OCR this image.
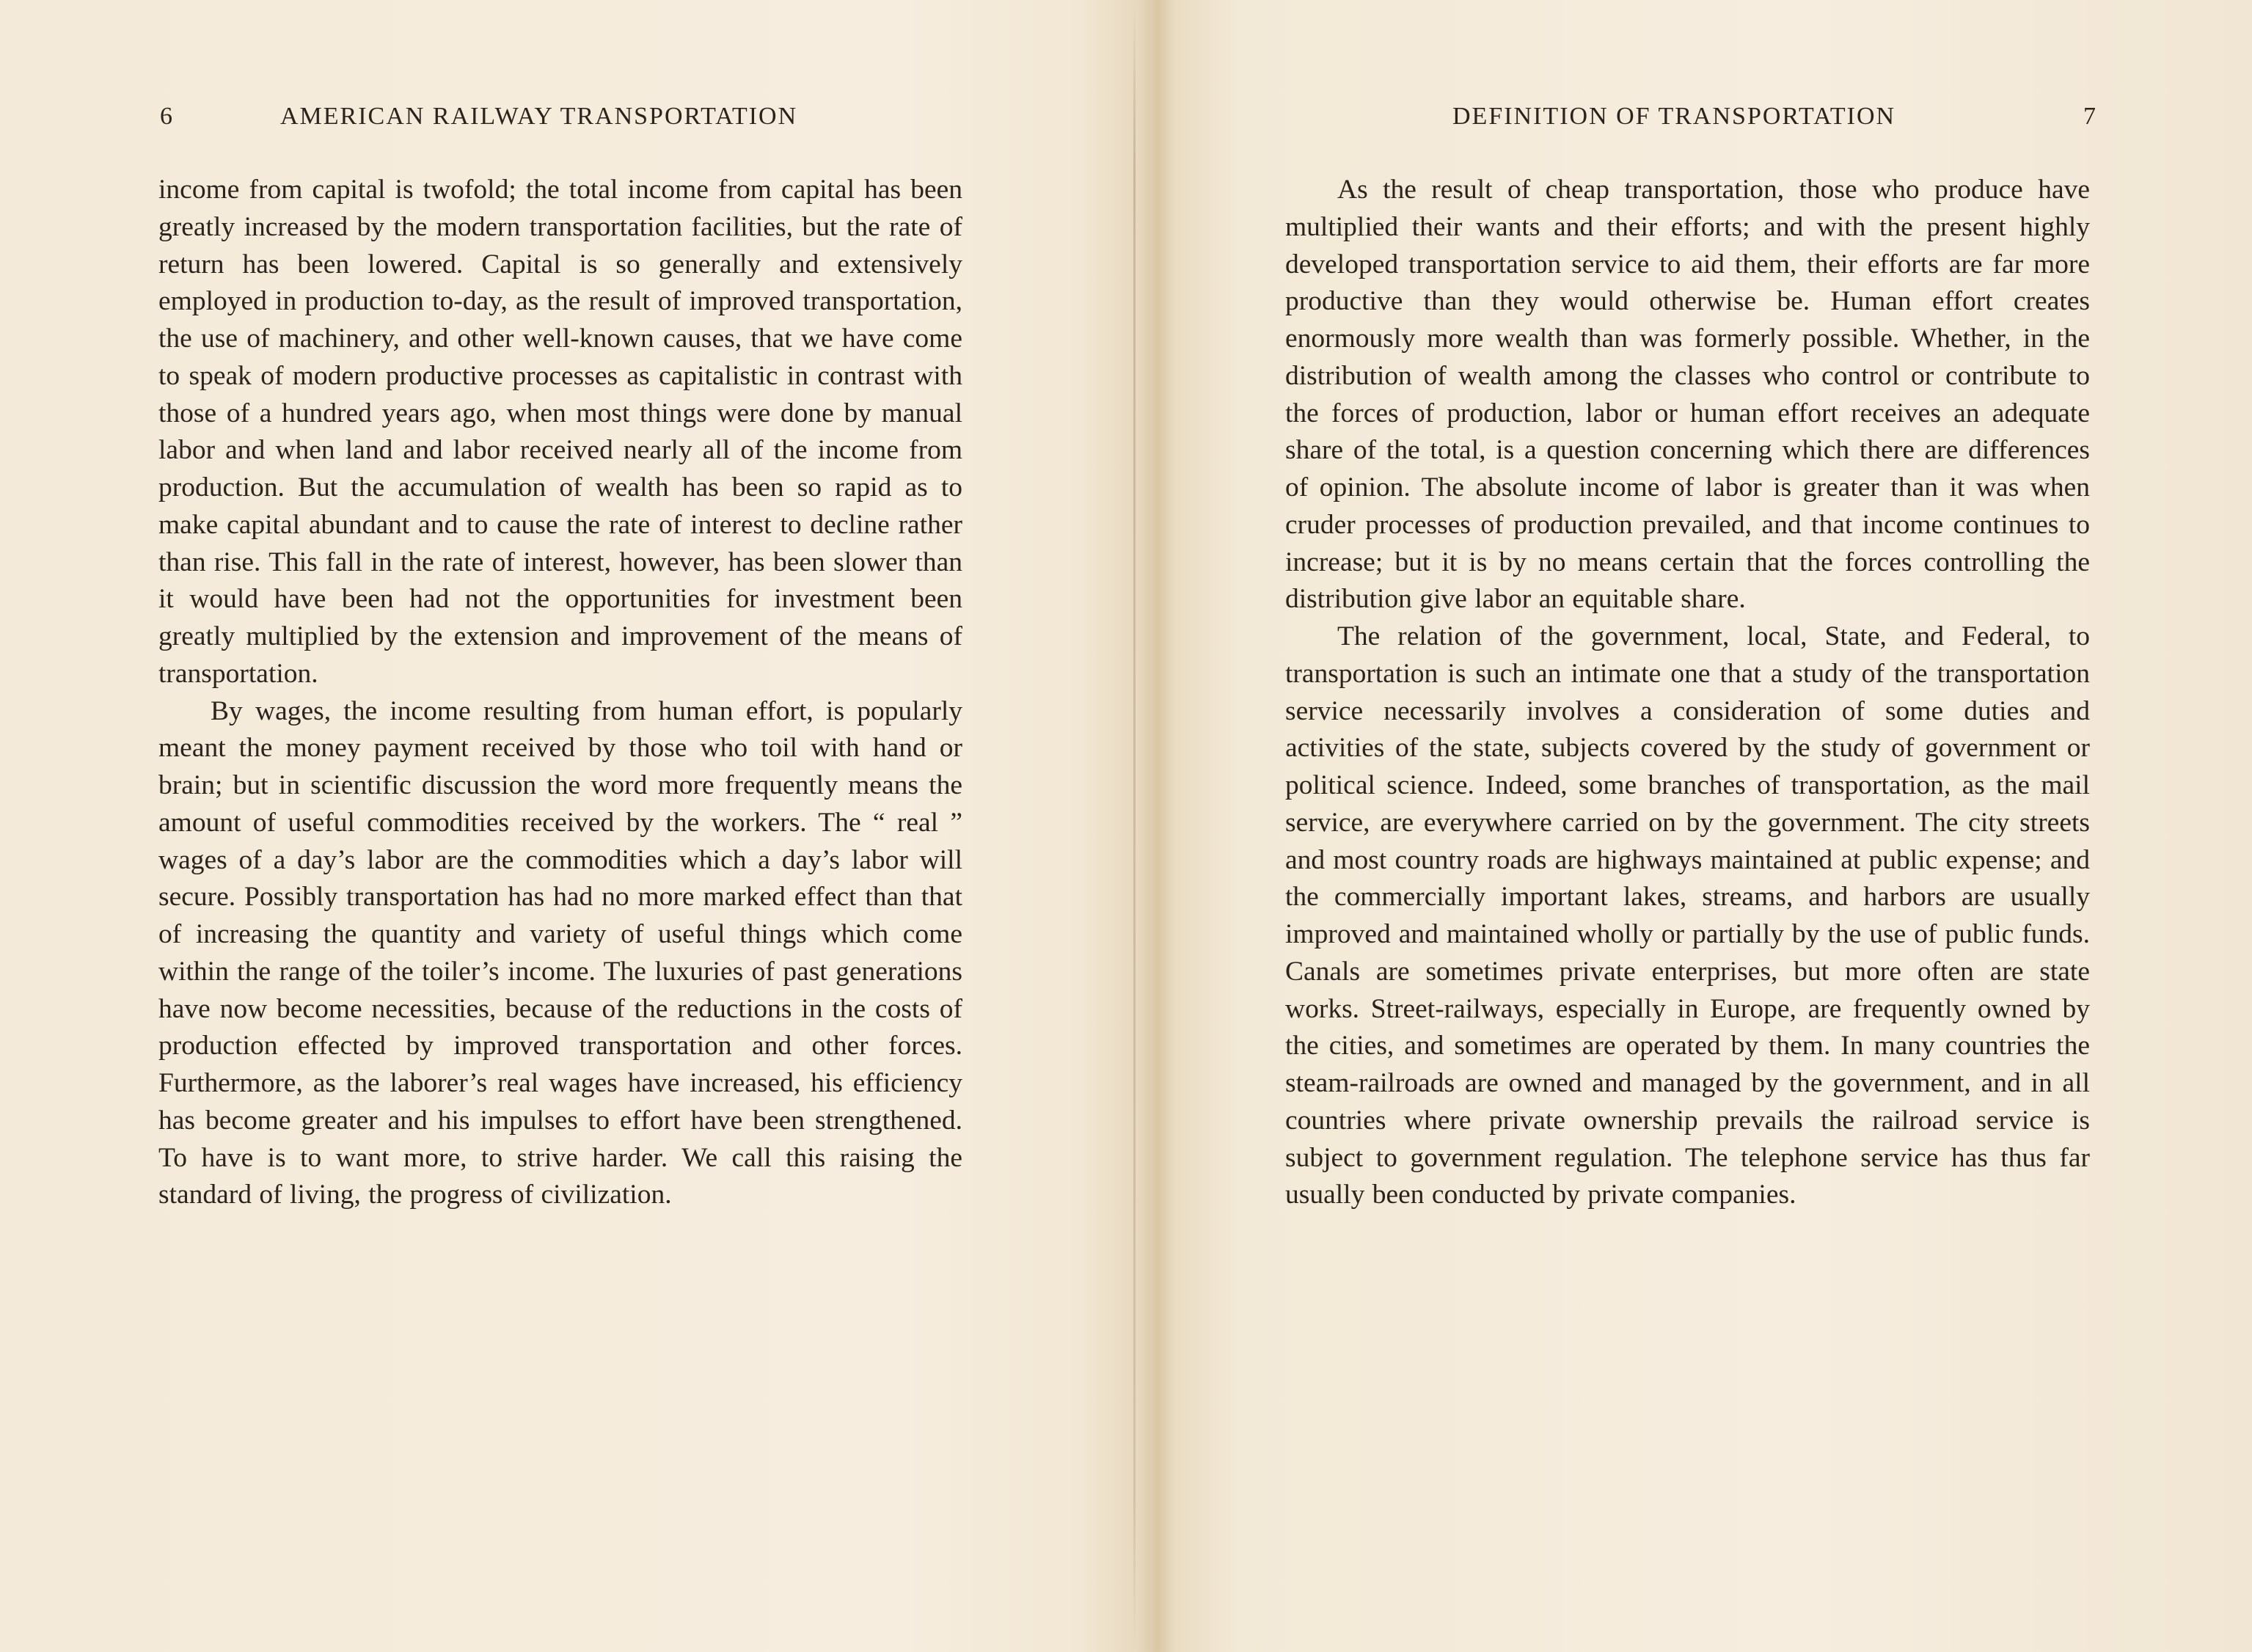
6	AMERICAN RAILWAY TRANSPORTATION

income from capital is twofold; the total income from capital has been greatly increased by the modern transportation facilities, but the rate of return has been lowered. Capital is so generally and extensively employed in production to-day, as the result of improved transportation, the use of machinery, and other well-known causes, that we have come to speak of modern productive processes as capitalistic in contrast with those of a hundred years ago, when most things were done by manual labor and when land and labor received nearly all of the income from production. But the accumulation of wealth has been so rapid as to make capital abundant and to cause the rate of interest to decline rather than rise. This fall in the rate of interest, however, has been slower than it would have been had not the opportunities for investment been greatly multiplied by the extension and improvement of the means of transportation.

By wages, the income resulting from human effort, is popularly meant the money payment received by those who toil with hand or brain; but in scientific discussion the word more frequently means the amount of useful commodities received by the workers. The “ real ” wages of a day’s labor are the commodities which a day’s labor will secure. Possibly transportation has had no more marked effect than that of increasing the quantity and variety of useful things which come within the range of the toiler’s income. The luxuries of past generations have now become necessities, because of the reductions in the costs of production effected by improved transportation and other forces. Furthermore, as the laborer’s real wages have increased, his efficiency has become greater and his impulses to effort have been strengthened. To have is to want more, to strive harder. We call this raising the standard of living, the progress of civilization.

DEFINITION OF TRANSPORTATION	7

As the result of cheap transportation, those who produce have multiplied their wants and their efforts; and with the present highly developed transportation service to aid them, their efforts are far more productive than they would otherwise be. Human effort creates enormously more wealth than was formerly possible. Whether, in the distribution of wealth among the classes who control or contribute to the forces of production, labor or human effort receives an adequate share of the total, is a question concerning which there are differences of opinion. The absolute income of labor is greater than it was when cruder processes of production prevailed, and that income continues to increase; but it is by no means certain that the forces controlling the distribution give labor an equitable share.

The relation of the government, local, State, and Federal, to transportation is such an intimate one that a study of the transportation service necessarily involves a consideration of some duties and activities of the state, subjects covered by the study of government or political science. Indeed, some branches of transportation, as the mail service, are everywhere carried on by the government. The city streets and most country roads are highways maintained at public expense; and the commercially important lakes, streams, and harbors are usually improved and maintained wholly or partially by the use of public funds. Canals are sometimes private enterprises, but more often are state works. Street-railways, especially in Europe, are frequently owned by the cities, and sometimes are operated by them. In many countries the steam-railroads are owned and managed by the government, and in all countries where private ownership prevails the railroad service is subject to government regulation. The telephone service has thus far usually been conducted by private companies.
